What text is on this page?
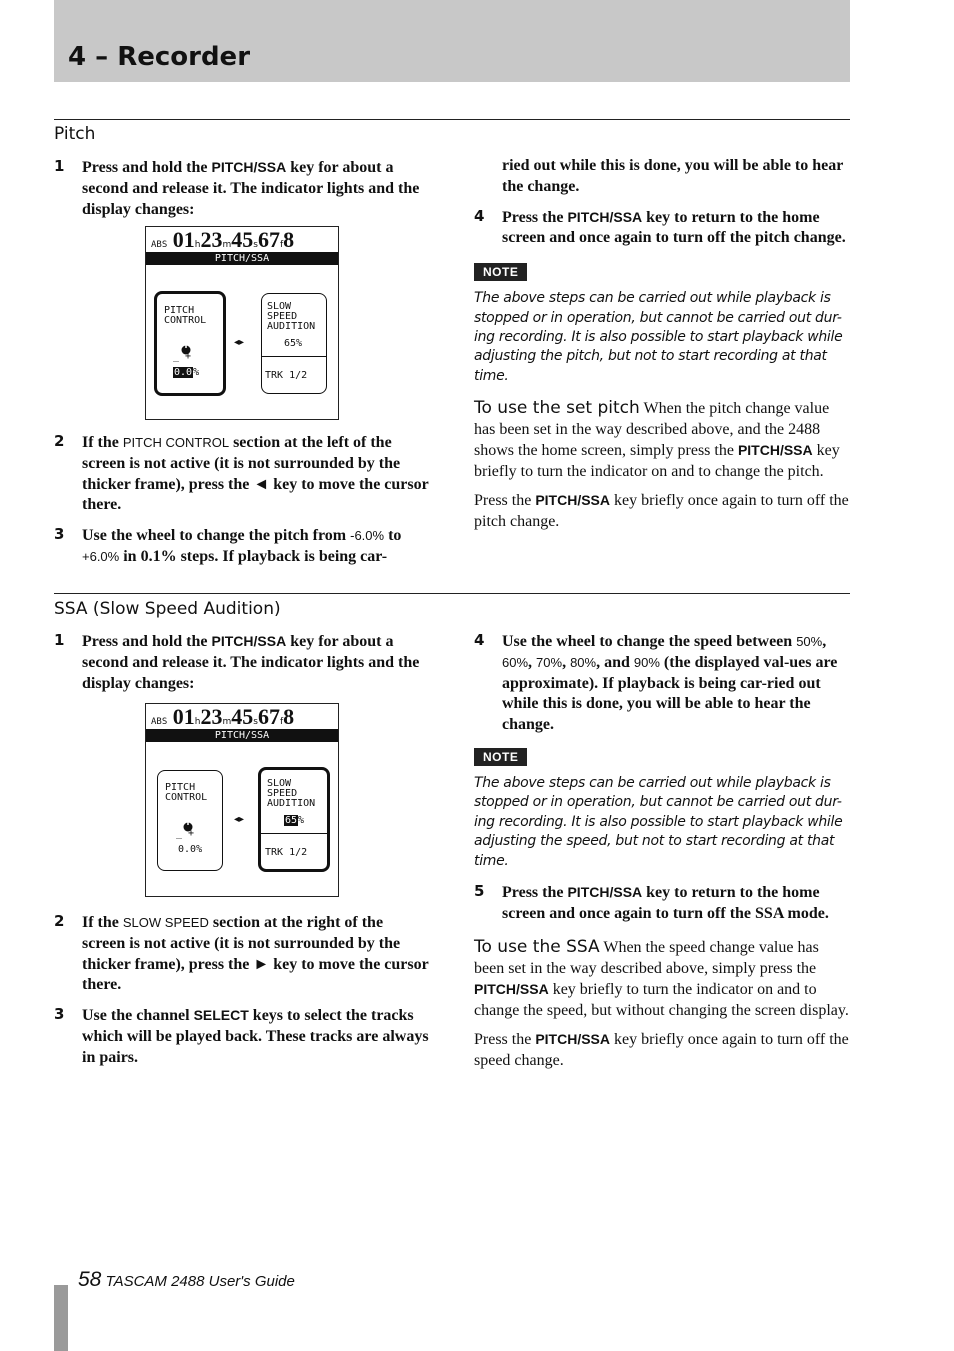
4 – Recorder
Pitch
1 Press and hold the PITCH/SSA key for about a second and release it. The indicator lights and the display changes:
ABS 01h23m45s67f8
PITCH/SSA
PITCH
CONTROL
_ +
0.0%
◂▸
SLOW
SPEED
AUDITION
65%
TRK 1/2
2 If the PITCH CONTROL section at the left of the screen is not active (it is not surrounded by the thicker frame), press the ◄ key to move the cursor there.
3 Use the wheel to change the pitch from -6.0% to +6.0% in 0.1% steps. If playback is being car-
ried out while this is done, you will be able to hear the change.
4 Press the PITCH/SSA key to return to the home screen and once again to turn off the pitch change.
NOTE
The above steps can be carried out while playback is stopped or in operation, but cannot be carried out dur-ing recording. It is also possible to start playback while adjusting the pitch, but not to start recording at that time.
To use the set pitch When the pitch change value has been set in the way described above, and the 2488 shows the home screen, simply press the PITCH/SSA key briefly to turn the indicator on and to change the pitch.
Press the PITCH/SSA key briefly once again to turn off the pitch change.
SSA (Slow Speed Audition)
1 Press and hold the PITCH/SSA key for about a second and release it. The indicator lights and the display changes:
ABS 01h23m45s67f8
PITCH/SSA
PITCH
CONTROL
_ +
0.0%
◂▸
SLOW
SPEED
AUDITION
65%
TRK 1/2
2 If the SLOW SPEED section at the right of the screen is not active (it is not surrounded by the thicker frame), press the ► key to move the cursor there.
3 Use the channel SELECT keys to select the tracks which will be played back. These tracks are always in pairs.
4 Use the wheel to change the speed between 50%, 60%, 70%, 80%, and 90% (the displayed val-ues are approximate). If playback is being car-ried out while this is done, you will be able to hear the change.
NOTE
The above steps can be carried out while playback is stopped or in operation, but cannot be carried out dur-ing recording. It is also possible to start playback while adjusting the speed, but not to start recording at that time.
5 Press the PITCH/SSA key to return to the home screen and once again to turn off the SSA mode.
To use the SSA When the speed change value has been set in the way described above, simply press the PITCH/SSA key briefly to turn the indicator on and to change the speed, but without changing the screen display.
Press the PITCH/SSA key briefly once again to turn off the speed change.
58 TASCAM 2488 User's Guide
